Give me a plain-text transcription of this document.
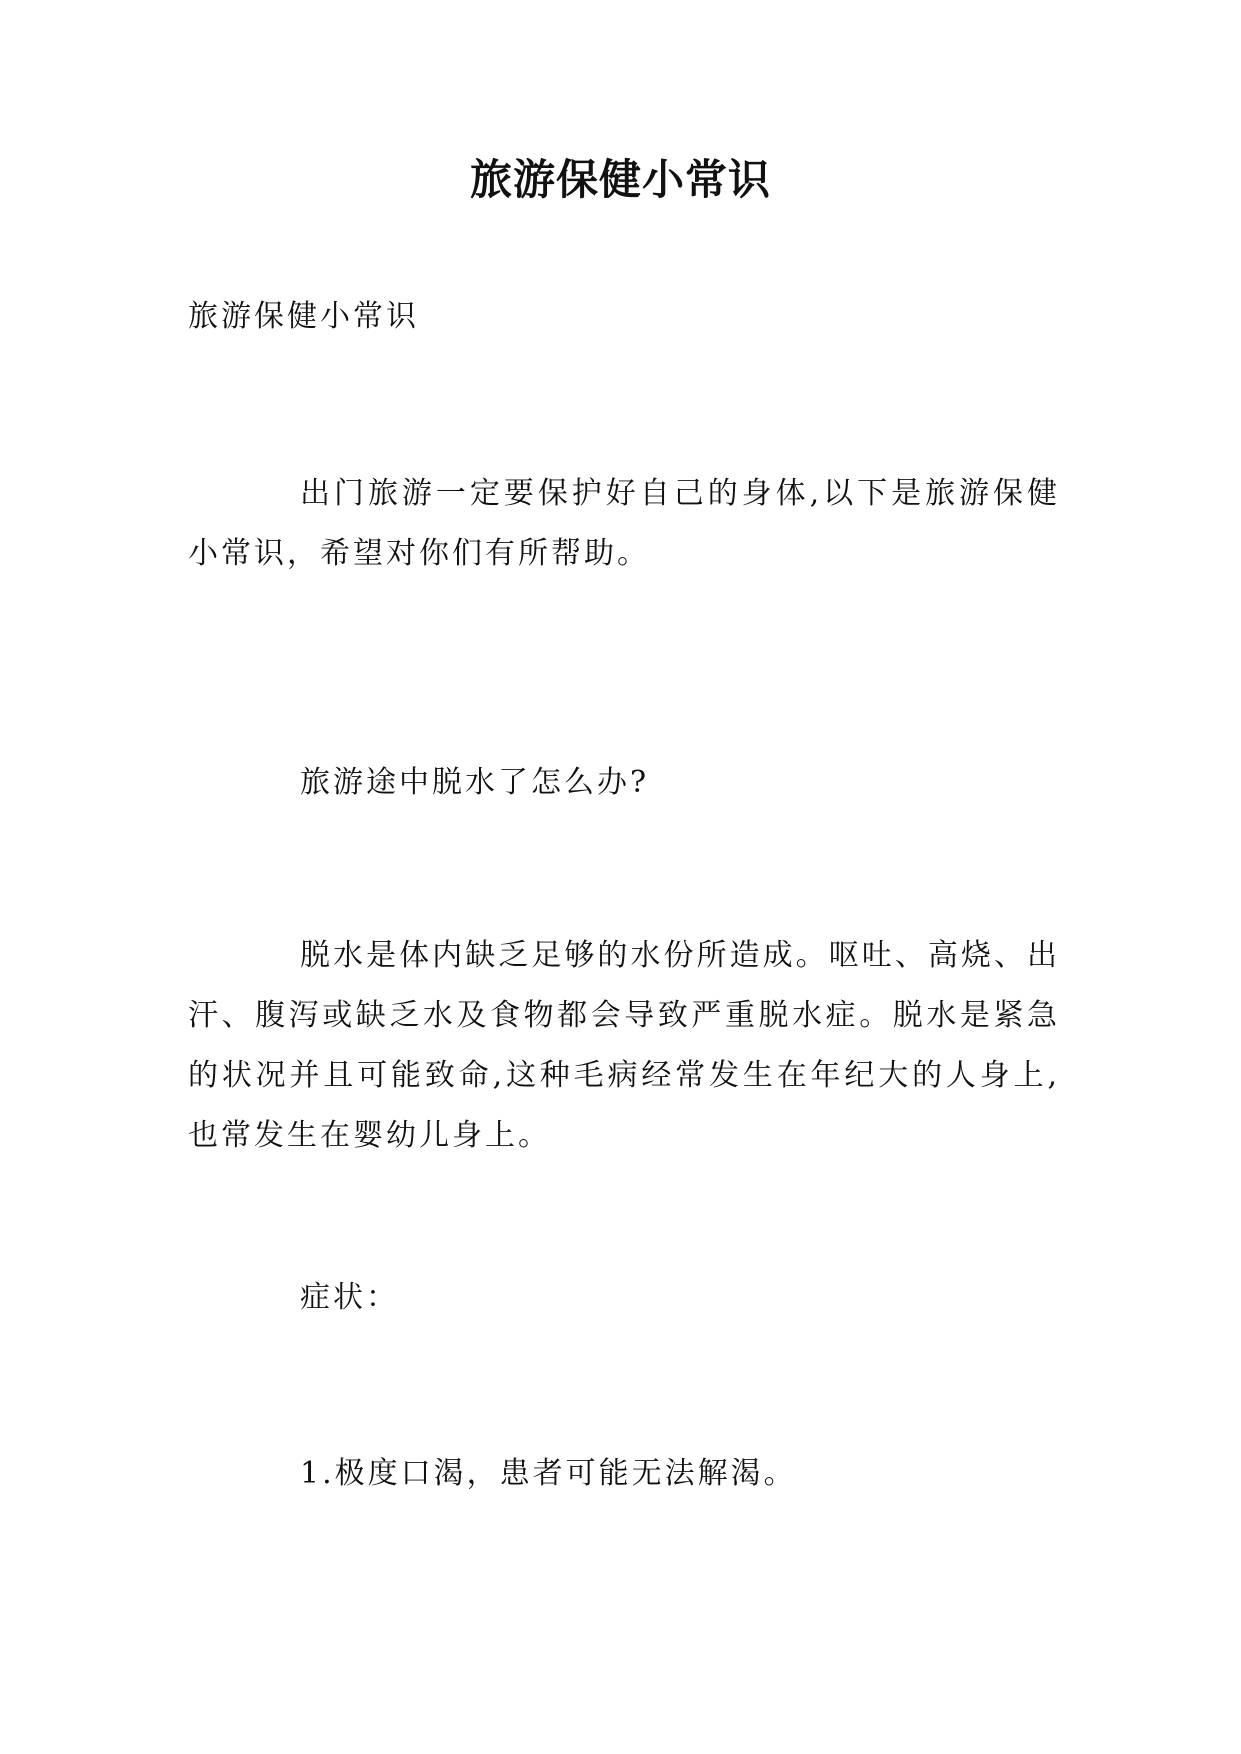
旅游保健小常识

旅游保健小常识

出门旅游一定要保护好自己的身体,以下是旅游保健小常识，希望对你们有所帮助。

旅游途中脱水了怎么办?

脱水是体内缺乏足够的水份所造成。呕吐、高烧、出汗、腹泻或缺乏水及食物都会导致严重脱水症。脱水是紧急的状况并且可能致命,这种毛病经常发生在年纪大的人身上,也常发生在婴幼儿身上。

症状：

1.极度口渴，患者可能无法解渴。
